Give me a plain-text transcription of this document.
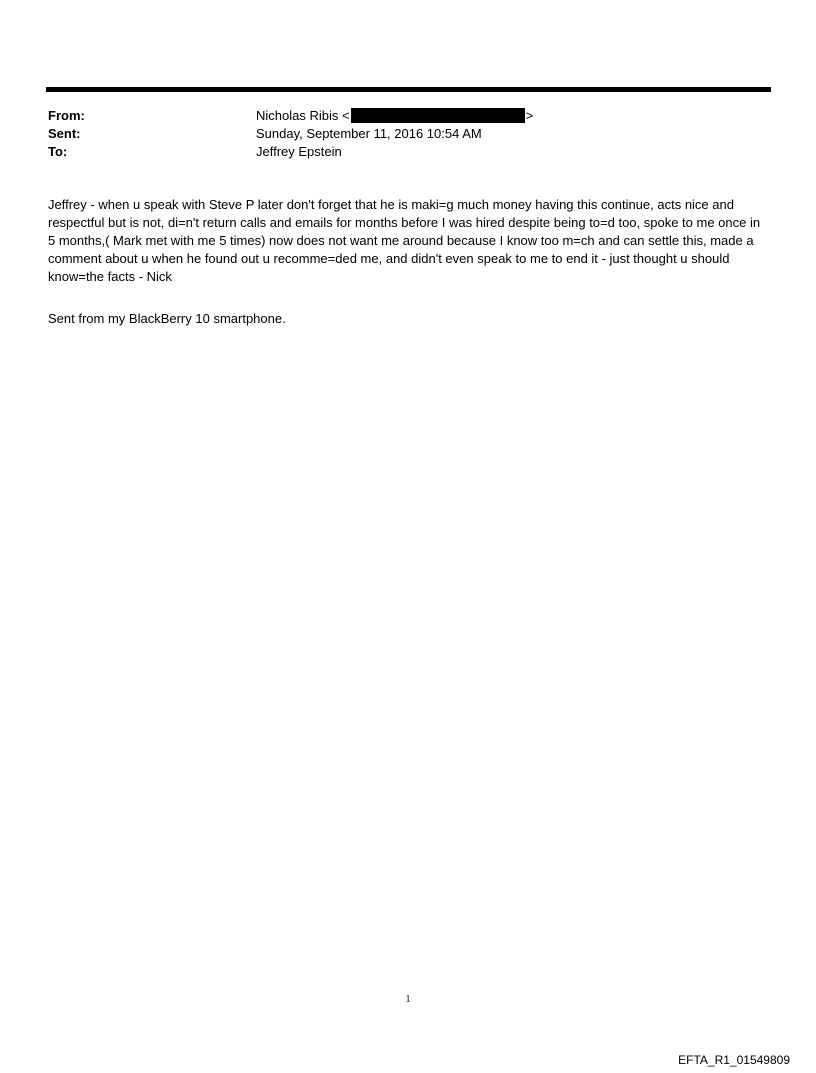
From:	Nicholas Ribis <	>
Sent:	Sunday, September 11, 2016 10:54 AM
To:	Jeffrey Epstein

Jeffrey - when u speak with Steve P later don't forget that he is maki=g much money having this continue, acts nice and respectful but is not, di=n't return calls and emails for months before I was hired despite being to=d too, spoke to me once in 5 months,( Mark met with me 5 times) now does not want me around because I know too m=ch and can settle this, made a comment about u when he found out u recomme=ded me, and didn't even speak to me to end it - just thought u should know=the facts - Nick

Sent from my BlackBerry 10 smartphone.

1
EFTA_R1_01549809
